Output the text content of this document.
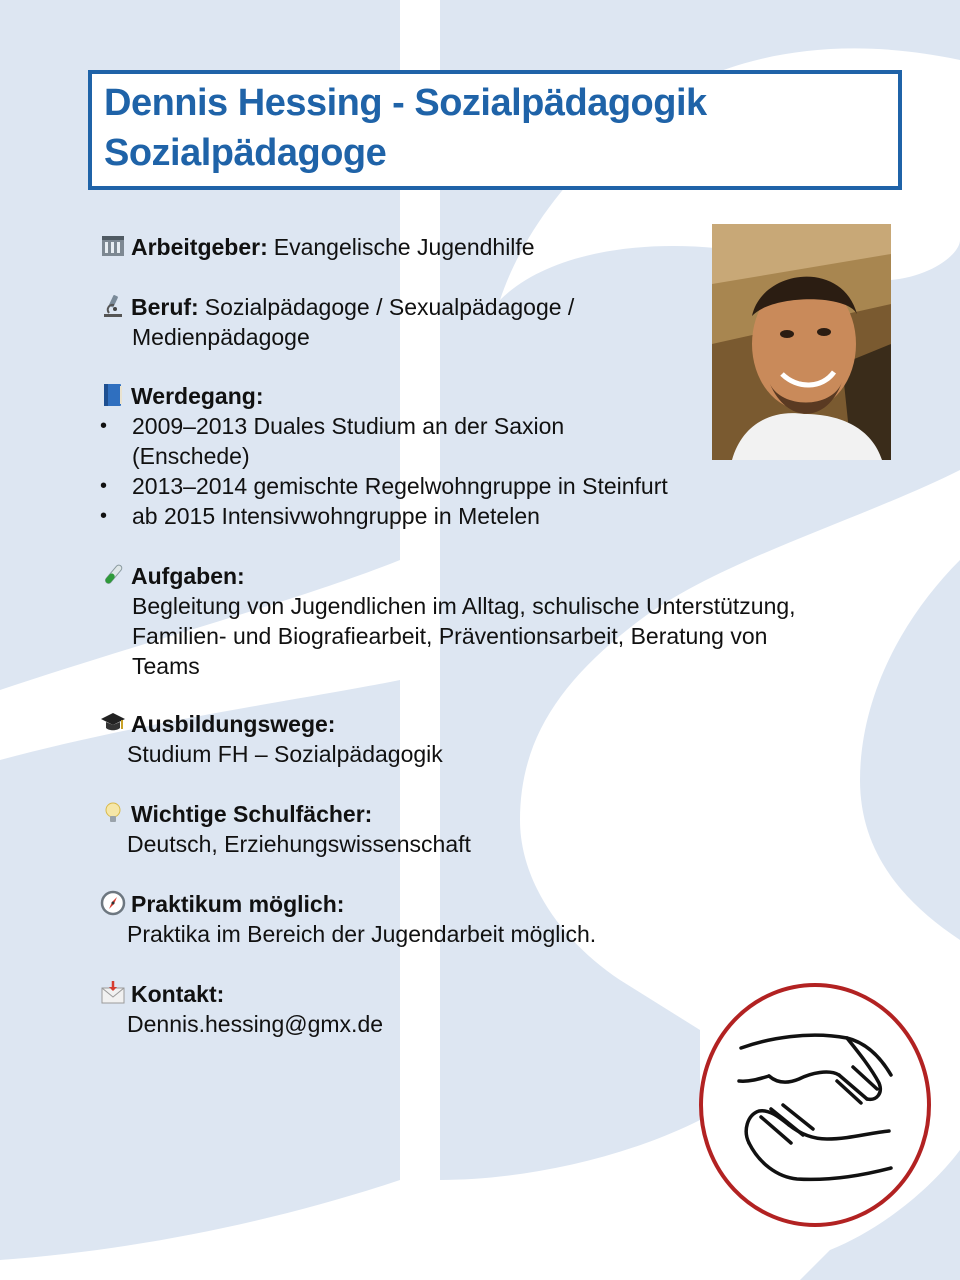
Dennis Hessing - Sozialpädagogik
Sozialpädagoge
Arbeitgeber: Evangelische Jugendhilfe
Beruf: Sozialpädagoge / Sexualpädagoge /
Medienpädagoge
Werdegang:
• 2009–2013 Duales Studium an der Saxion
(Enschede)
• 2013–2014 gemischte Regelwohngruppe in Steinfurt
• ab 2015 Intensivwohngruppe in Metelen
Aufgaben:
Begleitung von Jugendlichen im Alltag, schulische Unterstützung,
Familien- und Biografiearbeit, Präventionsarbeit, Beratung von
Teams
Ausbildungswege:
Studium FH – Sozialpädagogik
Wichtige Schulfächer:
Deutsch, Erziehungswissenschaft
Praktikum möglich:
Praktika im Bereich der Jugendarbeit möglich.
Kontakt:
Dennis.hessing@gmx.de
